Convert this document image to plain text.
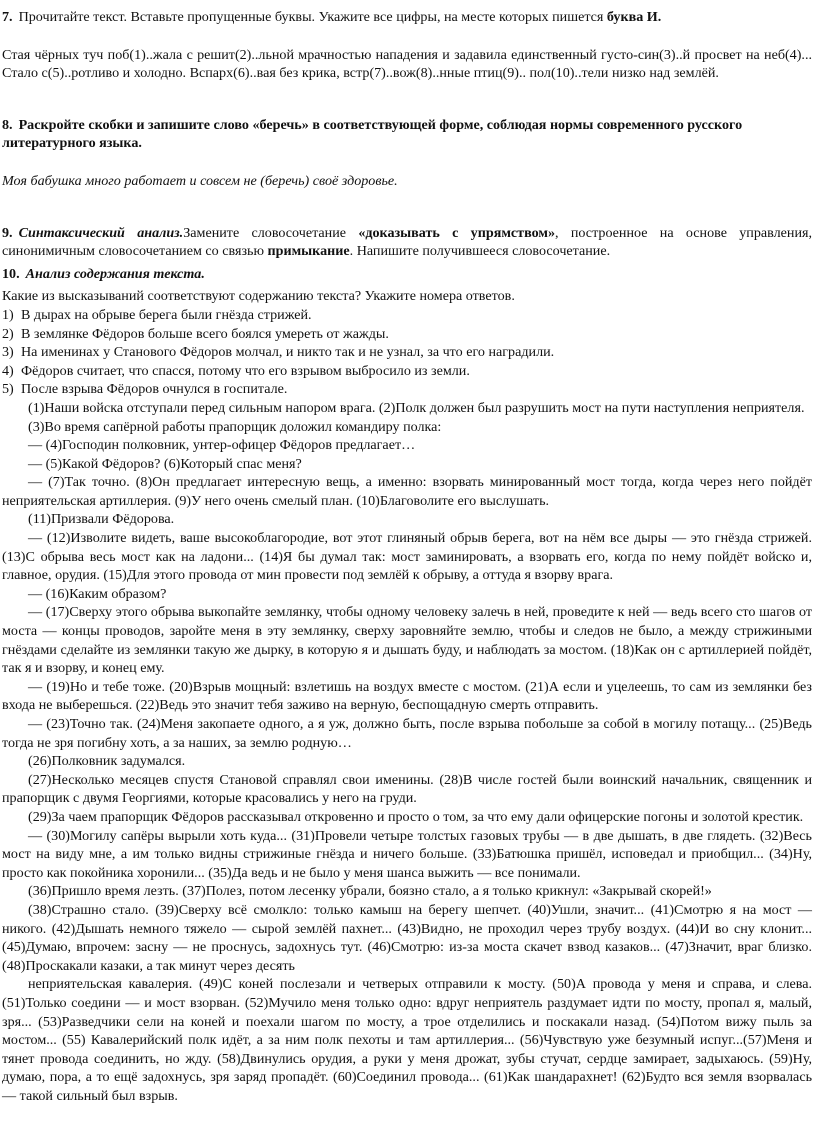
7. Прочитайте текст. Вставьте пропущенные буквы. Укажите все цифры, на месте которых пишется буква И.

Стая чёрных туч поб(1)..жала с решит(2)..льной мрачностью нападения и задавила единственный густо-син(3)..й просвет на неб(4)... Стало с(5)..ротливо и холодно. Вспарх(6)..вая без крика, встр(7)..вож(8)..нные птиц(9).. пол(10)..тели низко над землёй.

8. Раскройте скобки и запишите слово «беречь» в соответствующей форме, соблюдая нормы современного русского литературного языка.

Моя бабушка много работает и совсем не (беречь) своё здоровье.

9. Синтаксический анализ.Замените словосочетание «доказывать с упрямством», построенное на основе управления, синонимичным словосочетанием со связью примыкание. Напишите получившееся словосочетание.

10. Анализ содержания текста.

Какие из высказываний соответствуют содержанию текста? Укажите номера ответов.

1) В дырах на обрыве берега были гнёзда стрижей.
2) В землянке Фёдоров больше всего боялся умереть от жажды.
3) На именинах у Станового Фёдоров молчал, и никто так и не узнал, за что его наградили.
4) Фёдоров считает, что спасся, потому что его взрывом выбросило из земли.
5) После взрыва Фёдоров очнулся в госпитале.

(1)Наши войска отступали перед сильным напором врага. (2)Полк должен был разрушить мост на пути наступления неприятеля.

(3)Во время сапёрной работы прапорщик доложил командиру полка:

— (4)Господин полковник, унтер-офицер Фёдоров предлагает…

— (5)Какой Фёдоров? (6)Который спас меня?

— (7)Так точно. (8)Он предлагает интересную вещь, а именно: взорвать минированный мост тогда, когда через него пойдёт неприятельская артиллерия. (9)У него очень смелый план. (10)Благоволите его выслушать.

(11)Призвали Фёдорова.

— (12)Изволите видеть, ваше высокоблагородие, вот этот глиняный обрыв берега, вот на нём все дыры — это гнёзда стрижей. (13)С обрыва весь мост как на ладони... (14)Я бы думал так: мост заминировать, а взорвать его, когда по нему пойдёт войско и, главное, орудия. (15)Для этого провода от мин провести под землёй к обрыву, а оттуда я взорву врага.

— (16)Каким образом?

— (17)Сверху этого обрыва выкопайте землянку, чтобы одному человеку залечь в ней, проведите к ней — ведь всего сто шагов от моста — концы проводов, заройте меня в эту землянку, сверху заровняйте землю, чтобы и следов не было, а между стрижиными гнёздами сделайте из землянки такую же дырку, в которую я и дышать буду, и наблюдать за мостом. (18)Как он с артиллерией пойдёт, так я и взорву, и конец ему.

— (19)Но и тебе тоже. (20)Взрыв мощный: взлетишь на воздух вместе с мостом. (21)А если и уцелеешь, то сам из землянки без входа не выберешься. (22)Ведь это значит тебя заживо на верную, беспощадную смерть отправить.

— (23)Точно так. (24)Меня закопаете одного, а я уж, должно быть, после взрыва побольше за собой в могилу потащу... (25)Ведь тогда не зря погибну хоть, а за наших, за землю родную…

(26)Полковник задумался.

(27)Несколько месяцев спустя Становой справлял свои именины. (28)В числе гостей были воинский начальник, священник и прапорщик с двумя Георгиями, которые красовались у него на груди.

(29)За чаем прапорщик Фёдоров рассказывал откровенно и просто о том, за что ему дали офицерские погоны и золотой крестик.

— (30)Могилу сапёры вырыли хоть куда... (31)Провели четыре толстых газовых трубы — в две дышать, в две глядеть. (32)Весь мост на виду мне, а им только видны стрижиные гнёзда и ничего больше. (33)Батюшка пришёл, исповедал и приобщил... (34)Ну, просто как покойника хоронили... (35)Да ведь и не было у меня шанса выжить — все понимали.

(36)Пришло время лезть. (37)Полез, потом лесенку убрали, боязно стало, а я только крикнул: «Закрывай скорей!»

(38)Страшно стало. (39)Сверху всё смолкло: только камыш на берегу шепчет. (40)Ушли, значит... (41)Смотрю я на мост — никого. (42)Дышать немного тяжело — сырой землёй пахнет... (43)Видно, не проходил через трубу воздух. (44)И во сну клонит... (45)Думаю, впрочем: засну — не проснусь, задохнусь тут. (46)Смотрю: из-за моста скачет взвод казаков... (47)Значит, враг близко. (48)Проскакали казаки, а так минут через десять

неприятельская кавалерия. (49)С коней послезали и четверых отправили к мосту. (50)А провода у меня и справа, и слева. (51)Только соедини — и мост взорван. (52)Мучило меня только одно: вдруг неприятель раздумает идти по мосту, пропал я, малый, зря... (53)Разведчики сели на коней и поехали шагом по мосту, а трое отделились и поскакали назад. (54)Потом вижу пыль за мостом... (55) Кавалерийский полк идёт, а за ним полк пехоты и там артиллерия... (56)Чувствую уже безумный испуг...(57)Меня и тянет провода соединить, но жду. (58)Двинулись орудия, а руки у меня дрожат, зубы стучат, сердце замирает, задыхаюсь. (59)Ну, думаю, пора, а то ещё задохнусь, зря заряд пропадёт. (60)Соединил провода... (61)Как шандарахнет! (62)Будто вся земля взорвалась — такой сильный был взрыв.
